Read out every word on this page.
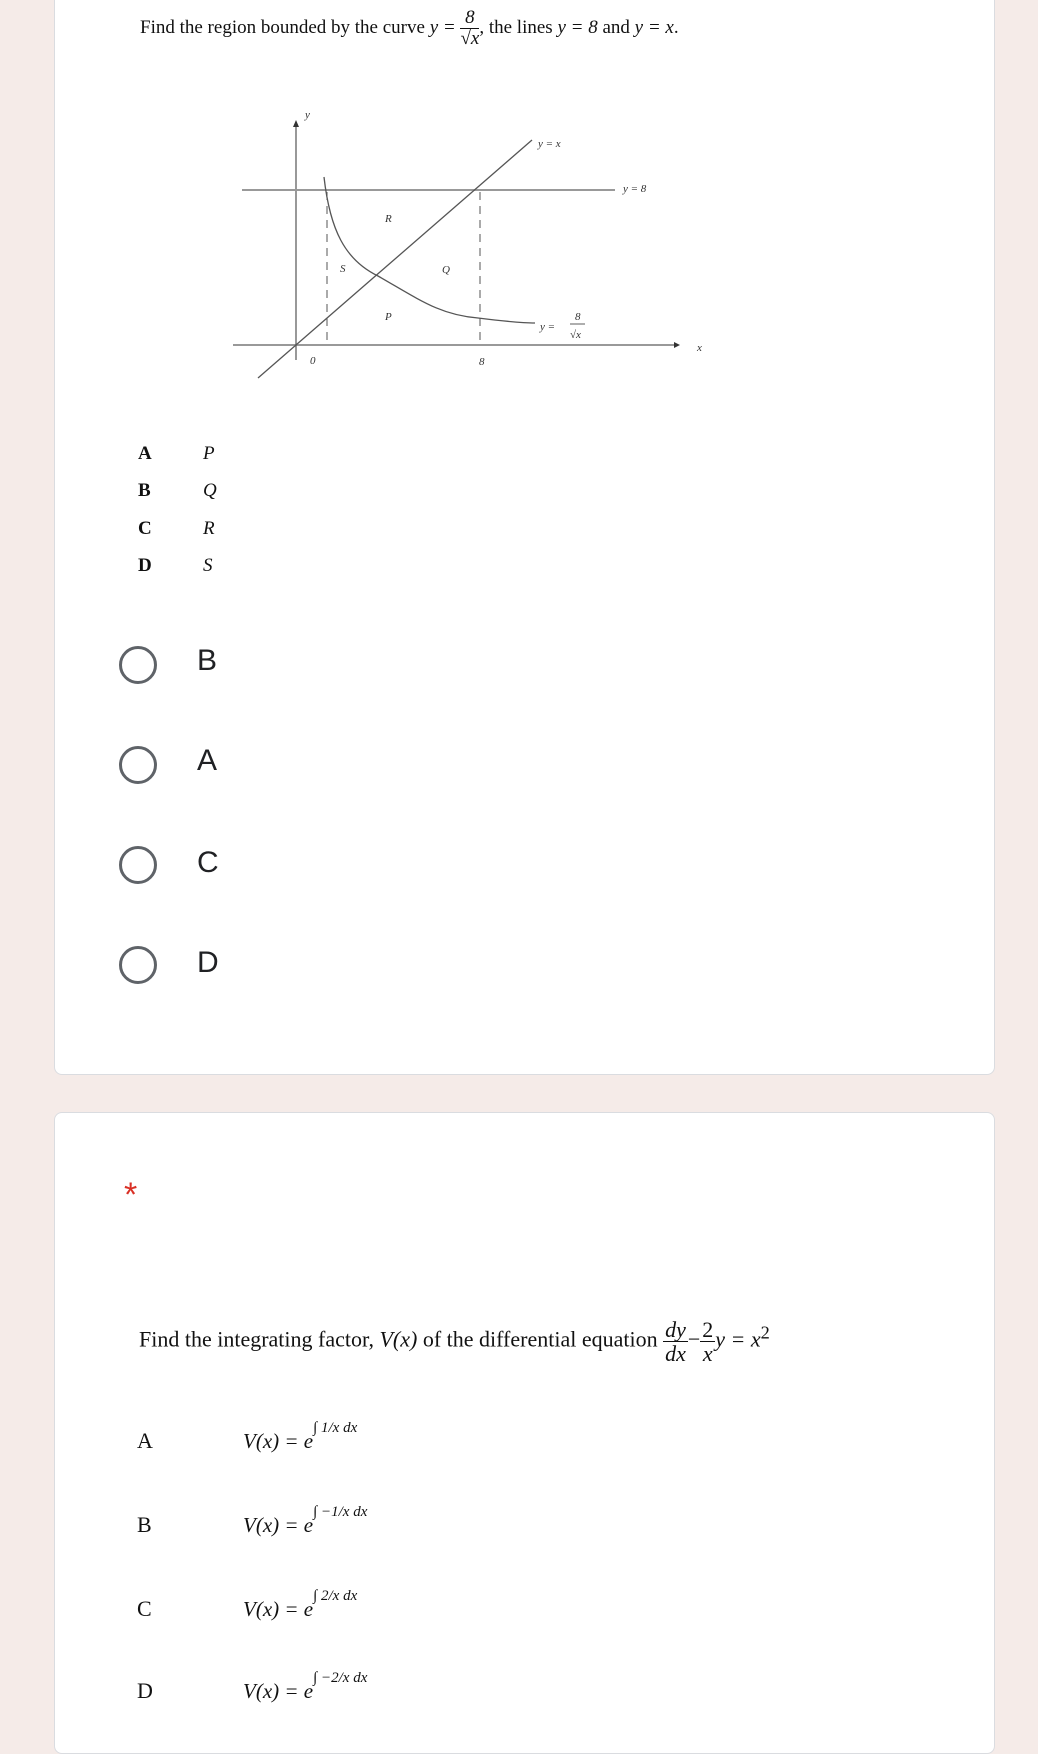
Find the region bounded by the curve $y = \frac{8}{√x}$ , the lines y = 8 and y = x.
y
x
y = x
y = 8
R
S	Q
P
y =
8
√x
0	8
A	P
B	Q
C	R
D	S
B
A
C
D
*
Find the integrating factor, V(x) of the differential equation $\frac{dy}{dx} - \frac{2}{x}$ $y = x^2$
A	$V(x) = e^{\int 1/x dx}$
B	$V(x) = e^{\int -1/x dx}$
C	$V(x) = e^{\int 2/x dx}$
D	$V(x) = e^{\int -2/x dx}$
